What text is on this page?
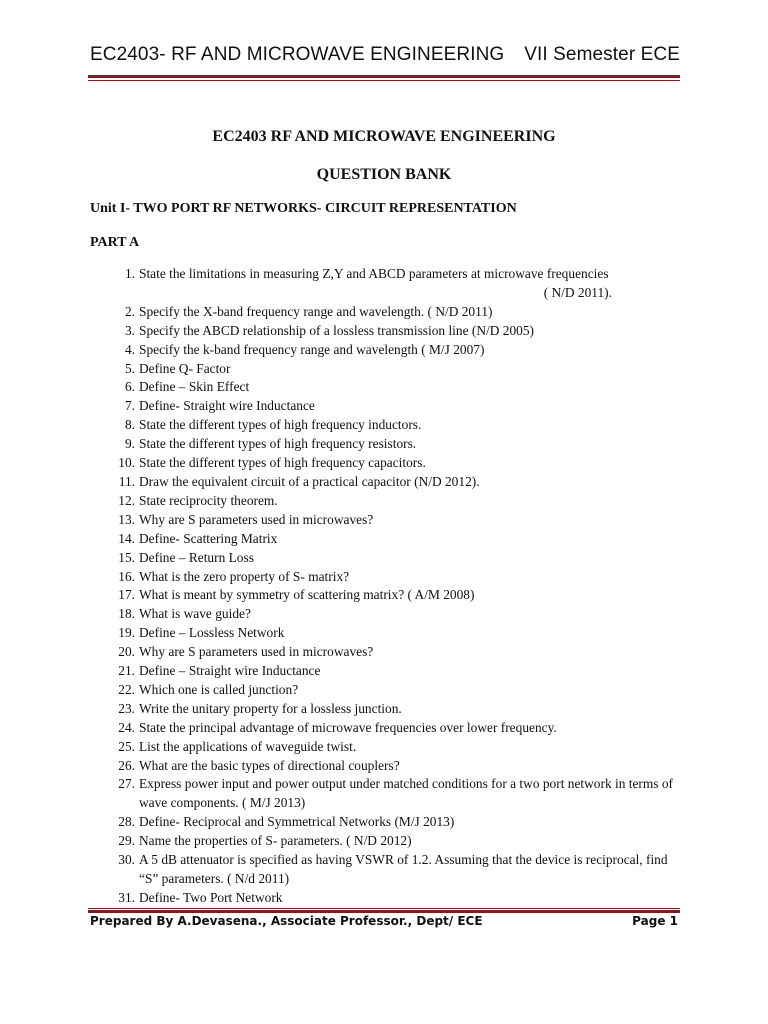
EC2403- RF AND MICROWAVE ENGINEERING VII Semester ECE
EC2403 RF AND MICROWAVE ENGINEERING
QUESTION BANK
Unit I- TWO PORT RF NETWORKS- CIRCUIT REPRESENTATION
PART A
1. State the limitations in measuring Z,Y and ABCD parameters at microwave frequencies
( N/D 2011).
2. Specify the X-band frequency range and wavelength. ( N/D 2011)
3. Specify the ABCD relationship of a lossless transmission line (N/D 2005)
4. Specify the k-band frequency range and wavelength ( M/J 2007)
5. Define Q- Factor
6. Define – Skin Effect
7. Define- Straight wire Inductance
8. State the different types of high frequency inductors.
9. State the different types of high frequency resistors.
10. State the different types of high frequency capacitors.
11. Draw the equivalent circuit of a practical capacitor (N/D 2012).
12. State reciprocity theorem.
13. Why are S parameters used in microwaves?
14. Define- Scattering Matrix
15. Define – Return Loss
16. What is the zero property of S- matrix?
17. What is meant by symmetry of scattering matrix? ( A/M 2008)
18. What is wave guide?
19. Define – Lossless Network
20. Why are S parameters used in microwaves?
21. Define – Straight wire Inductance
22. Which one is called junction?
23. Write the unitary property for a lossless junction.
24. State the principal advantage of microwave frequencies over lower frequency.
25. List the applications of waveguide twist.
26. What are the basic types of directional couplers?
27. Express power input and power output under matched conditions for a two port network in terms of wave components. ( M/J 2013)
28. Define- Reciprocal and Symmetrical Networks (M/J 2013)
29. Name the properties of S- parameters. ( N/D 2012)
30. A 5 dB attenuator is specified as having VSWR of 1.2. Assuming that the device is reciprocal, find “S” parameters. ( N/d 2011)
31. Define- Two Port Network
Prepared By A.Devasena., Associate Professor., Dept/ ECE	Page 1
